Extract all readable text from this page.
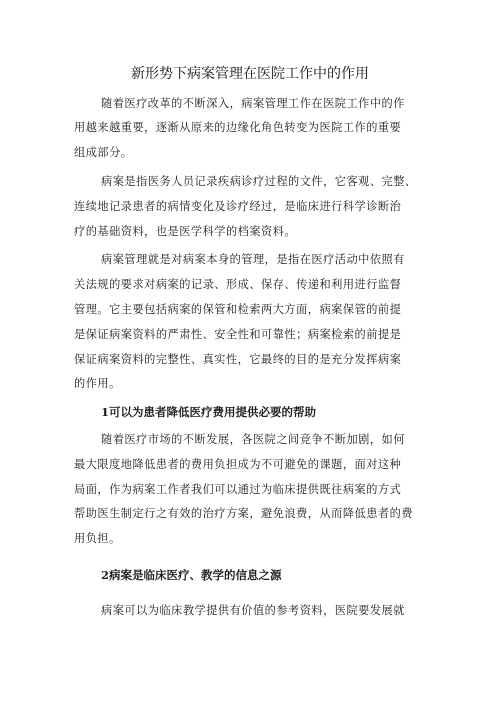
新形势下病案管理在医院工作中的作用
随着医疗改革的不断深入，病案管理工作在医院工作中的作
用越来越重要，逐渐从原来的边缘化角色转变为医院工作的重要
组成部分。
病案是指医务人员记录疾病诊疗过程的文件，它客观、完整、
连续地记录患者的病情变化及诊疗经过，是临床进行科学诊断治
疗的基础资料，也是医学科学的档案资料。
病案管理就是对病案本身的管理，是指在医疗活动中依照有
关法规的要求对病案的记录、形成、保存、传递和利用进行监督
管理。它主要包括病案的保管和检索两大方面，病案保管的前提
是保证病案资料的严肃性、安全性和可靠性；病案检索的前提是
保证病案资料的完整性、真实性，它最终的目的是充分发挥病案
的作用。
1可以为患者降低医疗费用提供必要的帮助
随着医疗市场的不断发展，各医院之间竞争不断加剧，如何
最大限度地降低患者的费用负担成为不可避免的课题，面对这种
局面，作为病案工作者我们可以通过为临床提供既往病案的方式
帮助医生制定行之有效的治疗方案，避免浪费，从而降低患者的费
用负担。
2病案是临床医疗、教学的信息之源
病案可以为临床教学提供有价值的参考资料，医院要发展就
